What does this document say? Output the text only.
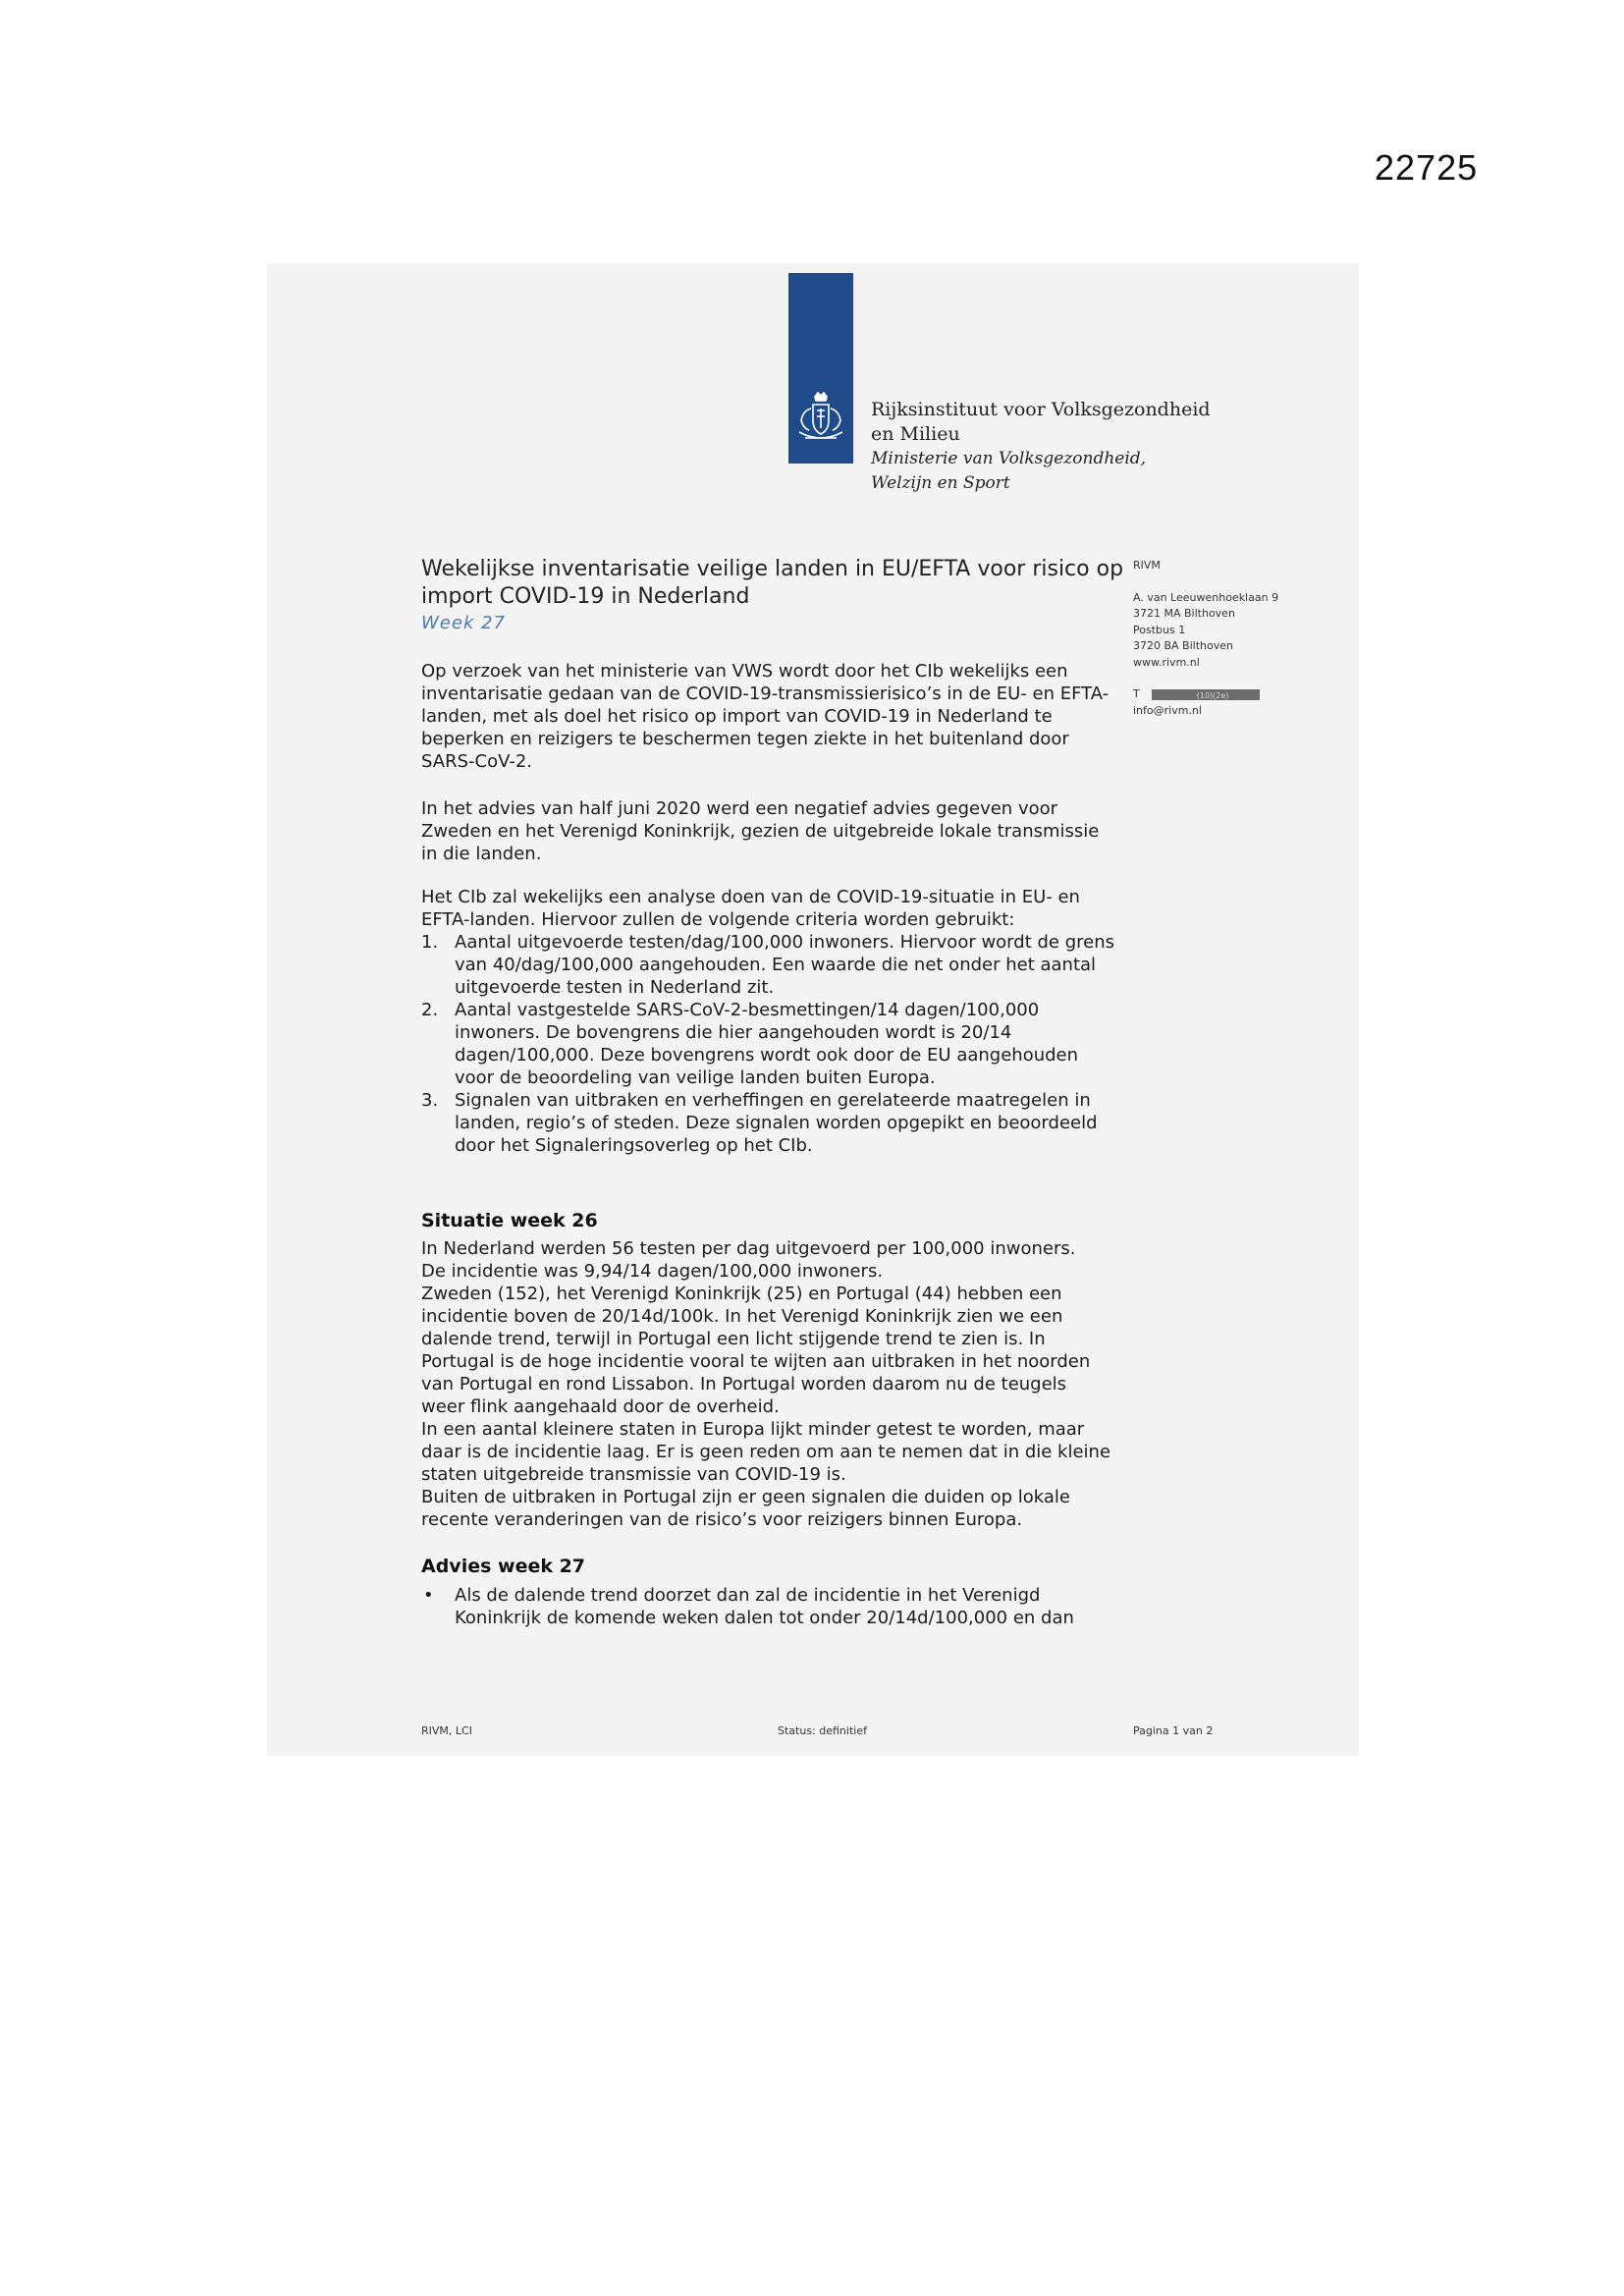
22725
Rijksinstituut voor Volksgezondheid
en Milieu
Ministerie van Volksgezondheid,
Welzijn en Sport
Wekelijkse inventarisatie veilige landen in EU/EFTA voor risico op import COVID-19 in Nederland
Week 27
RIVM
A. van Leeuwenhoeklaan 9
3721 MA Bilthoven
Postbus 1
3720 BA Bilthoven
www.rivm.nl
T	(10)(2e)
info@rivm.nl
Op verzoek van het ministerie van VWS wordt door het CIb wekelijks een inventarisatie gedaan van de COVID-19-transmissierisico’s in de EU- en EFTA-landen, met als doel het risico op import van COVID-19 in Nederland te beperken en reizigers te beschermen tegen ziekte in het buitenland door SARS-CoV-2.
In het advies van half juni 2020 werd een negatief advies gegeven voor Zweden en het Verenigd Koninkrijk, gezien de uitgebreide lokale transmissie in die landen.
Het CIb zal wekelijks een analyse doen van de COVID-19-situatie in EU- en EFTA-landen. Hiervoor zullen de volgende criteria worden gebruikt:
1. Aantal uitgevoerde testen/dag/100,000 inwoners. Hiervoor wordt de grens van 40/dag/100,000 aangehouden. Een waarde die net onder het aantal uitgevoerde testen in Nederland zit.
2. Aantal vastgestelde SARS-CoV-2-besmettingen/14 dagen/100,000 inwoners. De bovengrens die hier aangehouden wordt is 20/14 dagen/100,000. Deze bovengrens wordt ook door de EU aangehouden voor de beoordeling van veilige landen buiten Europa.
3. Signalen van uitbraken en verheffingen en gerelateerde maatregelen in landen, regio’s of steden. Deze signalen worden opgepikt en beoordeeld door het Signaleringsoverleg op het CIb.
Situatie week 26
In Nederland werden 56 testen per dag uitgevoerd per 100,000 inwoners.
De incidentie was 9,94/14 dagen/100,000 inwoners.
Zweden (152), het Verenigd Koninkrijk (25) en Portugal (44) hebben een incidentie boven de 20/14d/100k. In het Verenigd Koninkrijk zien we een dalende trend, terwijl in Portugal een licht stijgende trend te zien is. In Portugal is de hoge incidentie vooral te wijten aan uitbraken in het noorden van Portugal en rond Lissabon. In Portugal worden daarom nu de teugels weer flink aangehaald door de overheid.
In een aantal kleinere staten in Europa lijkt minder getest te worden, maar daar is de incidentie laag. Er is geen reden om aan te nemen dat in die kleine staten uitgebreide transmissie van COVID-19 is.
Buiten de uitbraken in Portugal zijn er geen signalen die duiden op lokale recente veranderingen van de risico’s voor reizigers binnen Europa.
Advies week 27
• Als de dalende trend doorzet dan zal de incidentie in het Verenigd Koninkrijk de komende weken dalen tot onder 20/14d/100,000 en dan
RIVM, LCI	Status: definitief	Pagina 1 van 2
